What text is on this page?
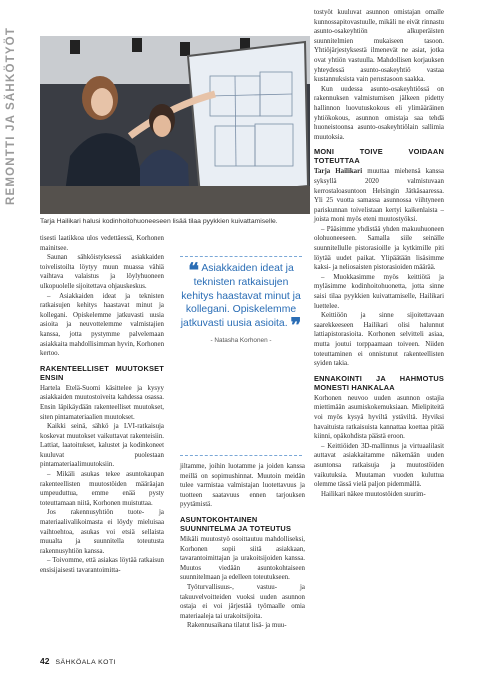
REMONTTI JA SÄHKÖTYÖT
Tarja Hailikari halusi kodinhoitohuoneeseen lisää tilaa pyykkien kuivattamiselle.

tisesti laatikkoa ulos vedettäessä, Korhonen mainitsee.

Saunan sähköistyksessä asiakkaiden toivelistoilta löytyy muun muassa vähiä vaihtava valaistus ja löylyhuoneen ulkopuolelle sijoitettava ohjauskeskus.

– Asiakkaiden ideat ja teknisten ratkaisujen kehitys haastavat minut ja kollegani. Opiskelemme jatkuvasti uusia asioita ja neuvottelemme valmistajien kanssa, jotta pystymme palvelemaan asiakkaita mahdollisimman hyvin, Korhonen kertoo.

RAKENTEELLISET MUUTOKSET ENSIN

Hartela Etelä-Suomi käsittelee ja kysyy asiakkaiden muutostoiveita kahdessa osassa. Ensin läpikäydään rakenteelliset muutokset, siten pintamateriaalien muutokset.

Kaikki seinä, sähkö ja LVI-ratkaisuja koskevat muutokset vaikuttavat rakenteisiin. Lattiat, laatoitukset, kalustet ja kodinkoneet kuuluvat puolestaan pintamateriaalimuutoksiin.

– Mikäli asukas tekee asuntokaupan rakenteellisten muutostöiden määräajan umpeuduttua, emme enää pysty toteuttamaan niitä, Korhonen muistuttaa.

Jos rakennusyhtiön tuote- ja materiaalivalikoimasta ei löydy mieluisaa vaihtoehtoa, asukas voi etsiä sellaista muualta ja suunnitella toteutusta rakennusyhtiön kanssa.

– Toivomme, että asiakas löytää ratkaisun ensisijaisesti tavarantoimitta-

❝ Asiakkaiden ideat ja teknisten ratkaisujen kehitys haastavat minut ja kollegani. Opiskelemme jatkuvasti uusia asioita. ❞
- Natasha Korhonen -

jiltamme, joihin luotamme ja joiden kanssa meillä on sopimushinnat. Muutoin meidän tulee varmistaa valmistajan luotettavuus ja tuotteen saatavuus ennen tarjouksen pyytämistä.

ASUNTOKOHTAINEN SUUNNITELMA JA TOTEUTUS

Mikäli muutostyö osoittautuu mahdolliseksi, Korhonen sopii siitä asiakkaan, tavarantoimittajan ja urakoitsijoiden kanssa. Muutos viedään asuntokohtaiseen suunnitelmaan ja edelleen toteutukseen.

Työturvallisuus-, vastuu- ja takuuvelvoitteiden vuoksi uuden asunnon ostaja ei voi järjestää työmaalle omia materiaaleja tai urakoitsijoita.

Rakennusaikana tilatut lisä- ja muu-

tostyöt kuuluvat asunnon omistajan omalle kunnossapitovastuulle, mikäli ne eivät rinnastu asunto-osakeyhtiön alkuperäisten suunnitelmien mukaiseen tasoon. Yhtiöjärjestyksestä ilmenevät ne asiat, jotka ovat yhtiön vastuulla. Mahdollisen korjauksen yhteydessä asunto-osakeyhtiö vastaa kustannuksista vain perustasoon saakka.

Kun uudessa asunto-osakeyhtiössä on rakennuksen valmistumisen jälkeen pidetty hallinnon luovutuskokous eli ylimääräinen yhtiökokous, asunnon omistaja saa tehdä huoneistoonsa asunto-osakeyhtiölain sallimia muutoksia.

MONI TOIVE VOIDAAN TOTEUTTAA

Tarja Hailikari muuttaa miehensä kanssa syksyllä 2020 valmistuvaan kerrostaloasuntoon Helsingin Jätkäsaaressa. Yli 25 vuotta samassa asunnossa viihtyneen pariskunnan toivelistaan kertyi kaikenlaista – joista moni myös eteni muutostyöksi.

– Pääsimme yhdistää yhden makuuhuoneen olohuoneeseen. Samalla siile seinälle suunnitellulle pistorasioille ja kytkimille piti löytää uudet paikat. Ylipäätään lisäsimme kaksi- ja neliosaisten pistorasioiden määrää.

– Muokkasimme myös keittiötä ja myläsimme kodinhoitohuonetta, jotta sinne saisi tilaa pyykkien kuivattamiselle, Hailikari luettelee.

Keittiöön ja sinne sijoitettavaan saarekkeeseen Hailikari olisi halunnut lattiapistorasioita. Korhonen selvitteli asiaa, mutta joutui torppaamaan toiveen. Niiden toteuttaminen ei onnistunut rakenteellisten syiden takia.

ENNAKOINTI JA HAHMOTUS MONESTI HANKALAA

Korhonen neuvoo uuden asunnon ostajia miettimään asumiskokemuksiaan. Mielipiteitä voi myös kysyä hyviltä ystäviltä. Hyviksi havaituista ratkaisuista kannattaa koettaa pitää kiinni, opäkohdista päästä eroon.

– Keittiöiden 3D-mallinnus ja virtuaalilasit auttavat asiakkaitamme näkemään uuden asuntonsa ratkaisuja ja muutostöiden vaikutuksia. Muutaman vuoden kuluttua olemme tässä vielä paljon pidemmällä.

Hailikari näkee muutostöiden suurim-

42 SÄHKÖALA KOTI
